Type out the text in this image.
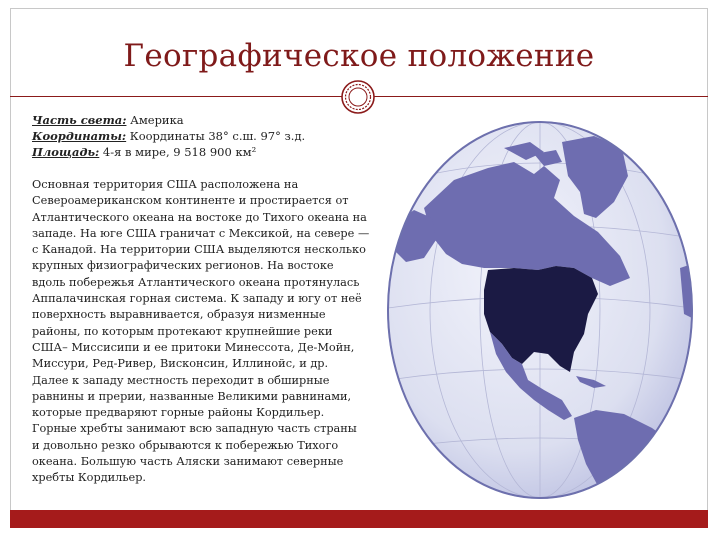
Географическое положение
Часть света: Америка
Координаты: Координаты 38° с.ш. 97° з.д.
Площадь: 4-я в мире, 9 518 900 км²
Основная территория США расположена на
Североамериканском континенте и простирается от
Атлантического океана на востоке до Тихого океана на
западе. На юге США граничат с Мексикой, на севере —
с Канадой. На территории США выделяются несколько
крупных физиографических регионов. На востоке
вдоль побережья Атлантического океана протянулась
Аппалачинская горная система. К западу и югу от неё
поверхность выравнивается, образуя низменные
районы, по которым протекают крупнейшие реки
США– Миссисипи и ее притоки Минессота, Де-Мойн,
Миссури, Ред-Ривер, Висконсин, Иллинойс, и др.
Далее к западу местность переходит в обширные
равнины и прерии, названные Великими равнинами,
которые предваряют горные районы Кордильер.
Горные хребты занимают всю западную часть страны
и довольно резко обрываются к побережью Тихого
океана. Большую часть Аляски занимают северные
хребты Кордильер.
